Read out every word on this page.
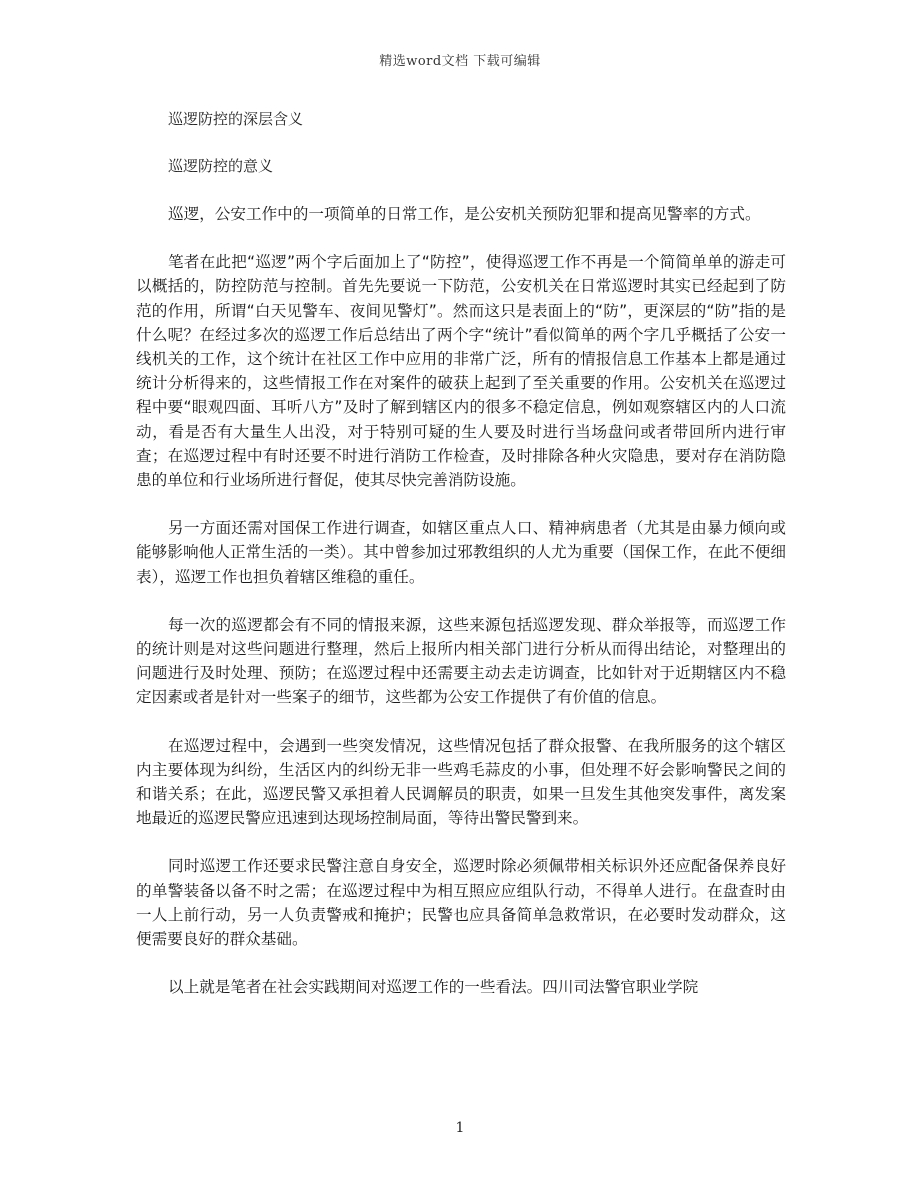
精选word文档 下载可编辑
巡逻防控的深层含义
巡逻防控的意义

巡逻，公安工作中的一项简单的日常工作，是公安机关预防犯罪和提高见警率的方式。

笔者在此把“巡逻”两个字后面加上了“防控”，使得巡逻工作不再是一个简简单单的游走可以概括的，防控防范与控制。首先先要说一下防范，公安机关在日常巡逻时其实已经起到了防范的作用，所谓“白天见警车、夜间见警灯”。然而这只是表面上的“防”，更深层的“防”指的是什么呢？在经过多次的巡逻工作后总结出了两个字“统计”看似简单的两个字几乎概括了公安一线机关的工作，这个统计在社区工作中应用的非常广泛，所有的情报信息工作基本上都是通过统计分析得来的，这些情报工作在对案件的破获上起到了至关重要的作用。公安机关在巡逻过程中要“眼观四面、耳听八方”及时了解到辖区内的很多不稳定信息，例如观察辖区内的人口流动，看是否有大量生人出没，对于特别可疑的生人要及时进行当场盘问或者带回所内进行审查；在巡逻过程中有时还要不时进行消防工作检查，及时排除各种火灾隐患，要对存在消防隐患的单位和行业场所进行督促，使其尽快完善消防设施。

另一方面还需对国保工作进行调查，如辖区重点人口、精神病患者（尤其是由暴力倾向或能够影响他人正常生活的一类）。其中曾参加过邪教组织的人尤为重要（国保工作，在此不便细表），巡逻工作也担负着辖区维稳的重任。

每一次的巡逻都会有不同的情报来源，这些来源包括巡逻发现、群众举报等，而巡逻工作的统计则是对这些问题进行整理，然后上报所内相关部门进行分析从而得出结论，对整理出的问题进行及时处理、预防；在巡逻过程中还需要主动去走访调查，比如针对于近期辖区内不稳定因素或者是针对一些案子的细节，这些都为公安工作提供了有价值的信息。

在巡逻过程中，会遇到一些突发情况，这些情况包括了群众报警、在我所服务的这个辖区内主要体现为纠纷，生活区内的纠纷无非一些鸡毛蒜皮的小事，但处理不好会影响警民之间的和谐关系；在此，巡逻民警又承担着人民调解员的职责，如果一旦发生其他突发事件，离发案地最近的巡逻民警应迅速到达现场控制局面，等待出警民警到来。

同时巡逻工作还要求民警注意自身安全，巡逻时除必须佩带相关标识外还应配备保养良好的单警装备以备不时之需；在巡逻过程中为相互照应应组队行动，不得单人进行。在盘查时由一人上前行动，另一人负责警戒和掩护；民警也应具备简单急救常识，在必要时发动群众，这便需要良好的群众基础。

以上就是笔者在社会实践期间对巡逻工作的一些看法。四川司法警官职业学院

1
